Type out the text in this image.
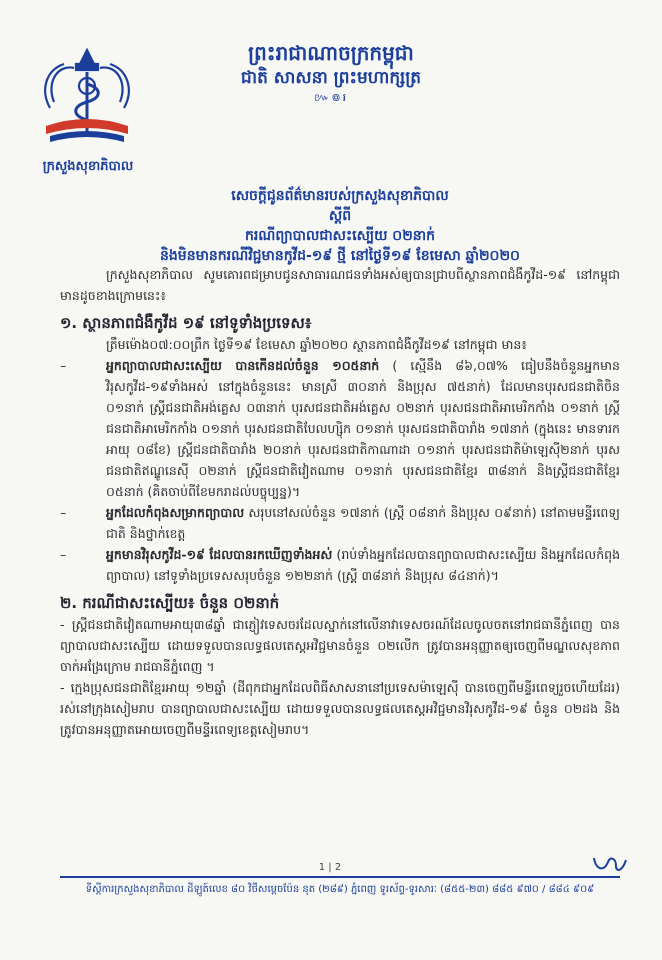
ក្រសួងសុខាភិបាល
ព្រះរាជាណាចក្រកម្ពុជា
ជាតិ សាសនា ព្រះមហាក្សត្រ
៚៙៛
សេចក្តីជូនព័ត៌មានរបស់ក្រសួងសុខាភិបាល
ស្តីពី
ករណីព្យាបាលជាសះស្បើយ ០២នាក់
និងមិនមានករណីវិជ្ជមានកូវីដ-១៩ ថ្មី នៅថ្ងៃទី១៩ ខែមេសា ឆ្នាំ២០២០

ក្រសួងសុខាភិបាល សូមគោរពជម្រាបជូនសាធារណជនទាំងអស់ឲ្យបានជ្រាបពីស្ថានភាពជំងឺកូវីដ-១៩ នៅកម្ពុជា មានដូចខាងក្រោមនេះ៖

១. ស្ថានភាពជំងឺកូវីដ ១៩ នៅទូទាំងប្រទេស៖

ត្រឹមម៉ោង០៧:០០ព្រឹក ថ្ងៃទី១៩ ខែមេសា ឆ្នាំ២០២០ ស្ថានភាពជំងឺកូវីដ១៩ នៅកម្ពុជា មាន៖

–	អ្នកព្យាបាលជាសះស្បើយ បានកើនដល់ចំនួន ១០៥នាក់ ( ស្មើនឹង ៨៦,០៧% ធៀបនឹងចំនួនអ្នកមានវិរុសកូវីដ-១៩ទាំងអស់ នៅក្នុងចំនួននេះ មានស្រី ៣០នាក់ និងប្រុស ៧៥នាក់) ដែលមានបុរសជនជាតិចិន ០១នាក់ ស្ត្រីជនជាតិអង់គ្លេស ០៣នាក់ បុរសជនជាតិអង់គ្លេស ០២នាក់ បុរសជនជាតិអាមេរិកកាំង ០១នាក់ ស្ត្រីជនជាតិអាមេរិកកាំង ០១នាក់ បុរសជនជាតិបែលហ្ស៊ិក ០១នាក់ បុរសជនជាតិបារាំង ១៧នាក់ (ក្នុងនេះ មានទារកអាយុ ០៨ខែ) ស្ត្រីជនជាតិបារាំង ២០នាក់ បុរសជនជាតិកាណាដា ០១នាក់ បុរសជនជាតិម៉ាឡេស៊ី២នាក់ បុរសជនជាតិឥណ្ឌូនេស៊ី ០២នាក់ ស្ត្រីជនជាតិវៀតណាម ០១នាក់ បុរសជនជាតិខ្មែរ ៣៨នាក់ និងស្ត្រីជនជាតិខ្មែរ ០៥នាក់ (គិតចាប់ពីខែមករាដល់បច្ចុប្បន្ន)។
–	អ្នកដែលកំពុងសម្រាកព្យាបាល សរុបនៅសល់ចំនួន ១៧នាក់ (ស្ត្រី ០៨នាក់ និងប្រុស ០៩នាក់) នៅតាមមន្ទីរពេទ្យជាតិ និងថ្នាក់ខេត្ត
–	អ្នកមានវិរុសកូវីដ-១៩ ដែលបានរកឃើញទាំងអស់ (រាប់ទាំងអ្នកដែលបានព្យាបាលជាសះស្បើយ និងអ្នកដែលកំពុងព្យាបាល) នៅទូទាំងប្រទេសសរុបចំនួន ១២២នាក់ (ស្ត្រី ៣៨នាក់ និងប្រុស ៨៤នាក់)។
២. ករណីជាសះស្បើយ៖ ចំនួន ០២នាក់

- ស្ត្រីជនជាតិវៀតណាមអាយុ៣៨ឆ្នាំ ជាភ្ញៀវទេសចរដែលស្នាក់នៅលើនាវាទេសចរណ៍ដែលចូលចតនៅរាជធានីភ្នំពេញ បានព្យាបាលជាសះស្បើយ ដោយទទួលបានលទ្ធផលតេស្តអវិជ្ជមានចំនួន ០២លើក ត្រូវបានអនុញ្ញាតឲ្យចេញពីមណ្ឌលសុខភាពចាក់អង្រែក្រោម រាជធានីភ្នំពេញ ។

- ក្មេងប្រុសជនជាតិខ្មែរអាយុ ១២ឆ្នាំ (ដីពុកជាអ្នកដែលពិធីសាសនានៅប្រទេសម៉ាឡេស៊ី បានចេញពីមន្ទីរពេទ្យរួចហើយដែរ) រស់នៅក្រុងសៀមរាប បានព្យាបាលជាសះស្បើយ ដោយទទួលបានលទ្ធផលតេស្តអវិជ្ជមានវិរុសកូវីដ-១៩ ចំនួន ០២ដង និងត្រូវបានអនុញ្ញាតអោយចេញពីមន្ទីរពេទ្យខេត្តសៀមរាប។

1 | 2
ទីស្តីការក្រសួងសុខាភិបាល ដីឡូត៍លេខ ៨០ វិថីសម្តេចប៉ែន នុត (២៨៩) ភ្នំពេញ ទូរស័ព្ទ-ទូរសារៈ (៨៥៥-២៣) ៨៨៥ ៩៧០ / ៨៨៤ ៩០៩
